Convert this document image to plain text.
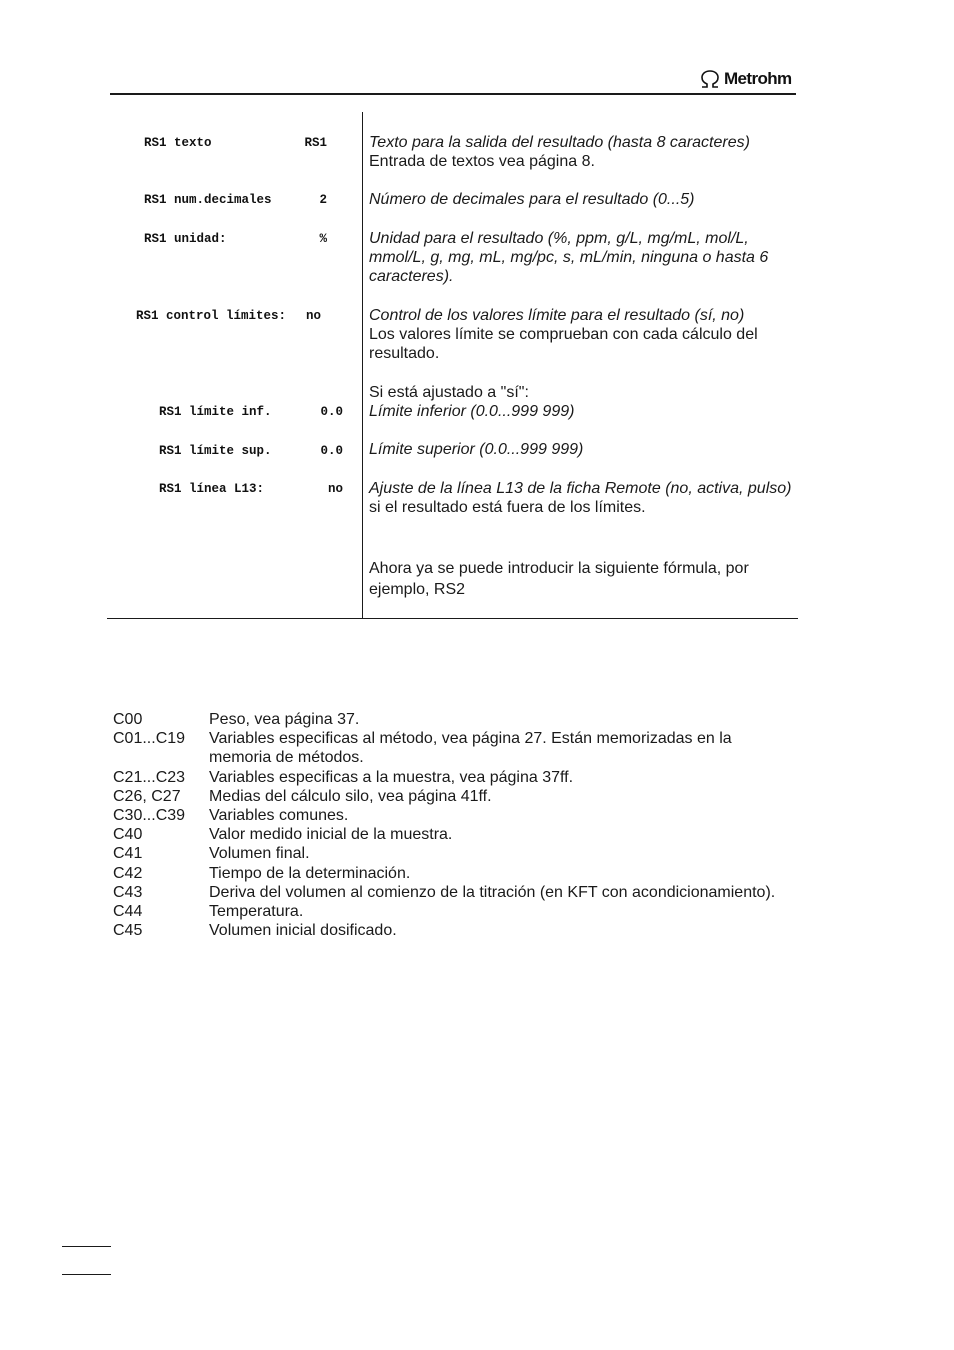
Metrohm
RS1 texto	RS1	Texto para la salida del resultado (hasta 8 caracteres)
Entrada de textos vea página 8.
RS1 num.decimales	2	Número de decimales para el resultado (0...5)
RS1 unidad:	%	Unidad para el resultado (%, ppm, g/L, mg/mL, mol/L, mmol/L, g, mg, mL, mg/pc, s, mL/min, ninguna o hasta 6 caracteres).
RS1 control límites: no	Control de los valores límite para el resultado (sí, no)
Los valores límite se comprueban con cada cálculo del resultado.
Si está ajustado a "sí":
RS1 límite inf.	0.0 Límite inferior (0.0...999 999)
RS1 límite sup.	0.0 Límite superior (0.0...999 999)
RS1 línea L13:	no Ajuste de la línea L13 de la ficha Remote (no, activa, pulso)
si el resultado está fuera de los límites.
Ahora ya se puede introducir la siguiente fórmula, por ejemplo, RS2
C00	Peso, vea página 37.
C01...C19	Variables especificas al método, vea página 27. Están memorizadas en la memoria de métodos.
C21...C23	Variables especificas a la muestra, vea página 37ff.
C26, C27	Medias del cálculo silo, vea página 41ff.
C30...C39	Variables comunes.
C40	Valor medido inicial de la muestra.
C41	Volumen final.
C42	Tiempo de la determinación.
C43	Deriva del volumen al comienzo de la titración (en KFT con acondicionamiento).
C44	Temperatura.
C45	Volumen inicial dosificado.
